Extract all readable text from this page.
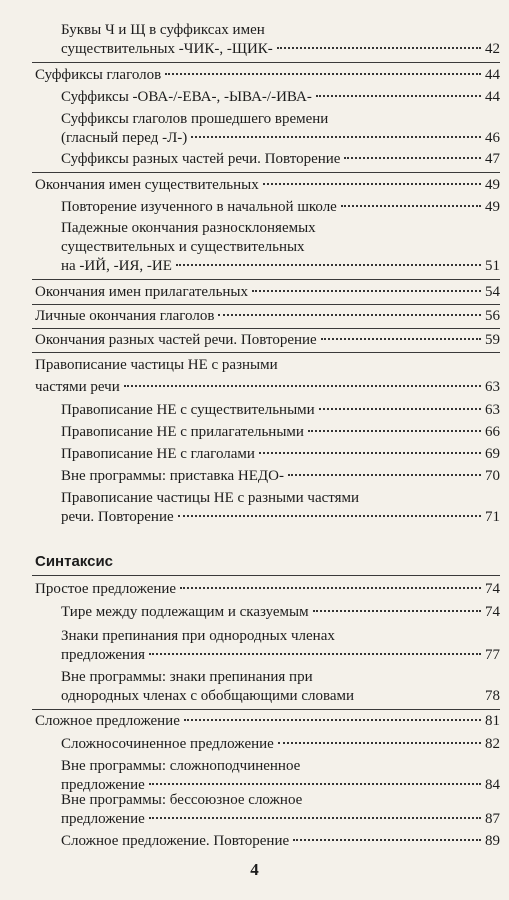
Буквы Ч и Щ в суффиксах имен
существительных -ЧИК-, -ЩИК-	42
Суффиксы глаголов	44
Суффиксы -ОВА-/-ЕВА-, -ЫВА-/-ИВА-	44
Суффиксы глаголов прошедшего времени
(гласный перед -Л-)	46
Суффиксы разных частей речи. Повторение	47
Окончания имен существительных	49
Повторение изученного в начальной школе	49
Падежные окончания разносклоняемых
существительных и существительных
на -ИЙ, -ИЯ, -ИЕ	51
Окончания имен прилагательных	54
Личные окончания глаголов	56
Окончания разных частей речи. Повторение	59
Правописание частицы НЕ с разными
частями речи	63
Правописание НЕ с существительными	63
Правописание НЕ с прилагательными	66
Правописание НЕ с глаголами	69
Вне программы: приставка НЕДО-	70
Правописание частицы НЕ с разными частями
речи. Повторение	71
Синтаксис
Простое предложение	74
Тире между подлежащим и сказуемым	74
Знаки препинания при однородных членах
предложения	77
Вне программы: знаки препинания при
однородных членах с обобщающими словами	78
Сложное предложение	81
Сложносочиненное предложение	82
Вне программы: сложноподчиненное
предложение	84
Вне программы: бессоюзное сложное
предложение	87
Сложное предложение. Повторение	89
4
